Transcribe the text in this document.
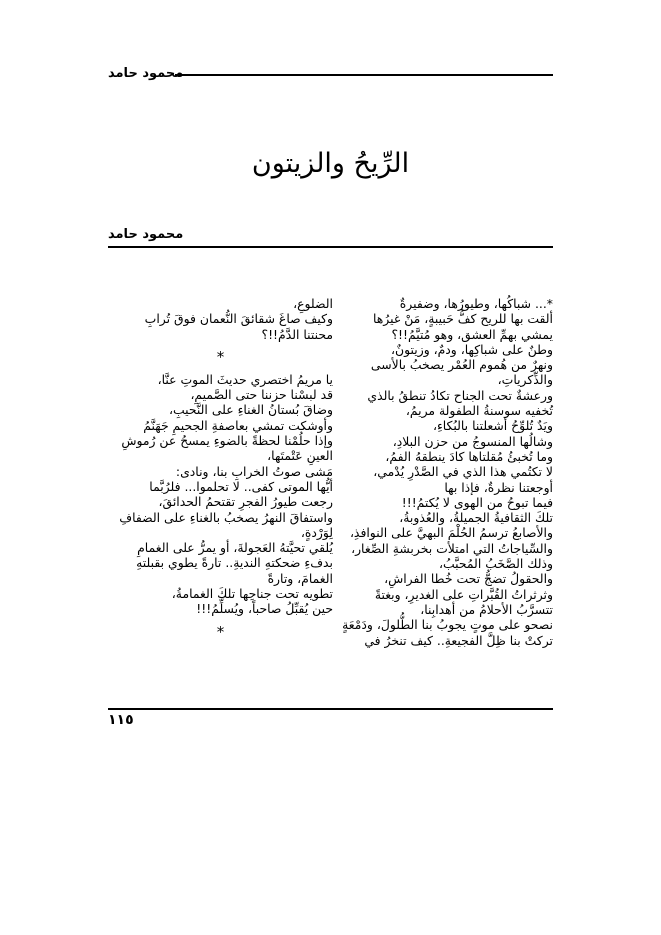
محمود حامد
الرِّيحُ والزيتون
محمود حامد
*... شباكُها، وطيورُها، وضفيرةٌ
ألقت بها للريح كفُّ حَبيبةٍ، مَنْ غيرُها
يمشي بهمِّ العشق، وهو مُتيَّمُ!!؟
وطنٌ على شباكِها، ودمٌ، وزيتونٌ،
ونهرٌ من هُموم العُمْر يصخبُ بالأسى
والذِّكرياتِ،
ورعشةٌ تحت الجناح تكادُ تنطقُ بالذي
تُخفيه سوسنةُ الطفولة مريمُ،
ويَدٌ تُلوِّحُ أشعلتنا بالبُكاءِ،
وشالُها المنسوجُ من حزن البلادِ،
وما تُخبئُ مُقلتاها كادَ ينطقهُ الفمُ،
لا تكتُمي هذا الذي في الصَّدْرِ يُدْمي،
أوجعتنا نظرةٌ، فإذا بها
فيما تبوحُ من الهوى لا يُكتمُ!!!
تلكَ الثقافيةُ الجميلةُ، والعُذوبةُ،
والأصابعُ ترسمُ الحُلْمَ البهيَّ على النوافذِ،
والسِّياجاتُ التي امتلأت بخربشةِ الصِّغار،
وذلك الصَّخَبُ المُحبَّبُ،
والحقولُ تضجُّ تحت خُطا الفراشِ،
وثرثراتُ القُبَّراتِ على الغديرِ، وبغتةً
تتسرَّبُ الأحلامُ من أهدابِنا،
نصحو على موتٍ يجوبُ بنا الطُّلولَ، ودَمْعَةٍ
تركتْ بنا ظِلَّ الفجيعةِ.. كيف تنخرُ في
الضلوعِ،
وكيف صاغَ شقائقَ النُّعمان فوقَ تُرابِ
محنتنا الدَّمُ!!؟
*
يا مريمُ اختصري حديثَ الموتِ عنَّا،
قد لبسْنا حزننا حتى الصَّميمِ،
وضاقَ بُستانُ الغناءِ على النَّحيبِ،
وأوشكت تمشي بعاصفةِ الجحيمِ جَهَنَّمُ
وإذا حلُمْنا لحظةً بالضوءِ يمسحُ عن رُموشِ
العينِ عَتْمتَها،
مَشى صوتُ الخرابِ بنا، ونادى:
أيُّها الموتى كفى.. لا تحلموا... فلرُبَّما
رجعت طيورُ الفجرِ تقتحمُ الحدائقَ،
واستفاقَ النهرُ يصخبُ بالغناءِ على الضفافِ
لِوَرْدةٍ،
يُلقي تحيَّتهُ العَجولةَ، أو يمرُّ على الغمامِ
بدفءِ ضحكتهِ النديةِ.. تارةً يطوي بقبلتهِ
الغمامَ، وتارةً
تطويه تحت جناحِها تلكَ الغمامةُ،
حين يُقبِّلُ صاحباً، ويُسلِّمُ!!!
*
١١٥
